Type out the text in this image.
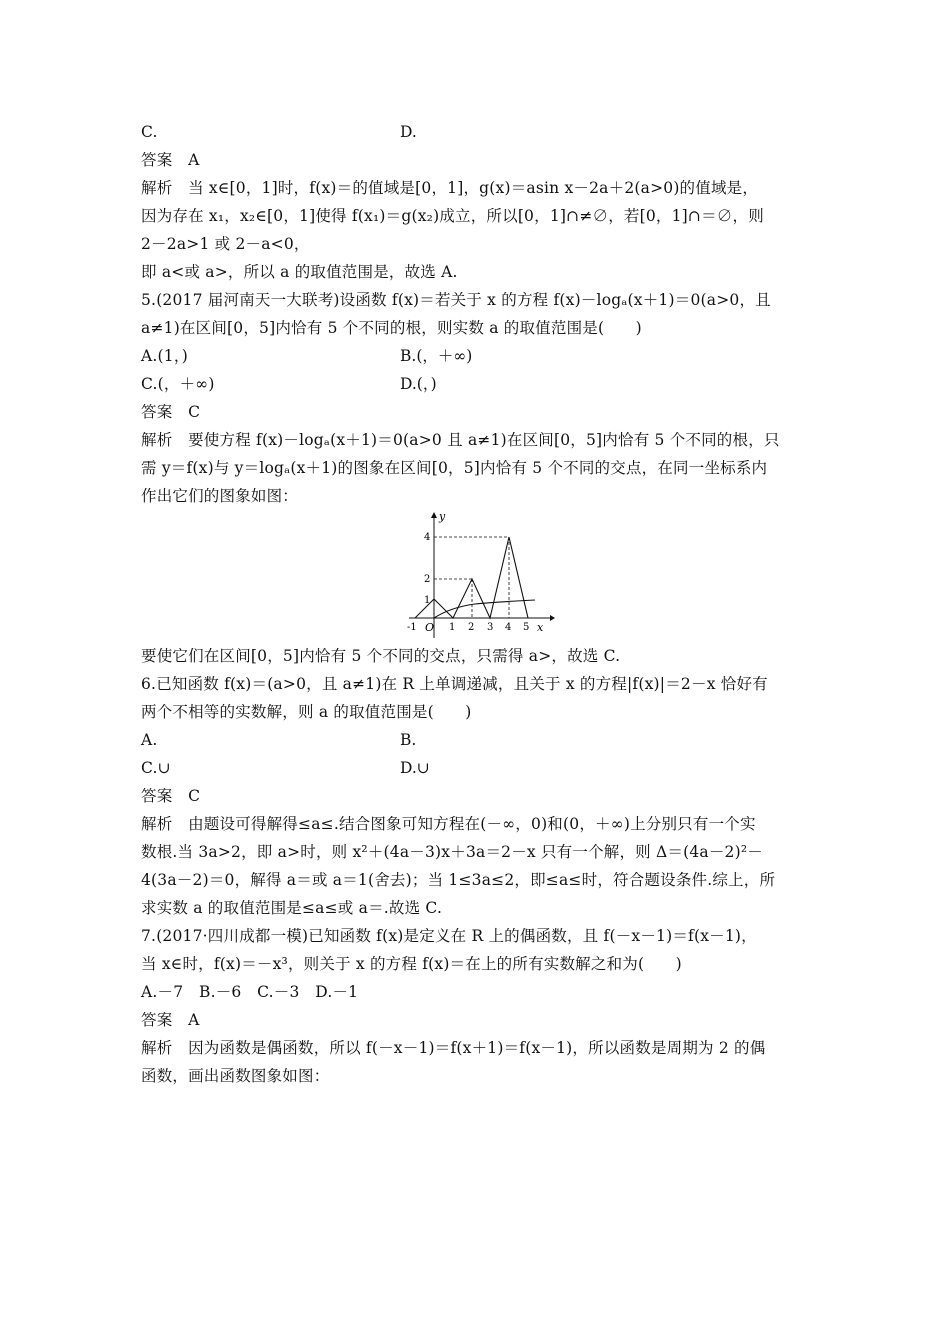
C.	D.
答案　A
解析　当 x∈[0，1]时，f(x)＝的值域是[0，1]，g(x)＝asin x－2a＋2(a>0)的值域是，
因为存在 x₁，x₂∈[0，1]使得 f(x₁)＝g(x₂)成立，所以[0，1]∩≠∅，若[0，1]∩＝∅，则
2－2a>1 或 2－a<0，
即 a<或 a>，所以 a 的取值范围是，故选 A.
5.(2017 届河南天一大联考)设函数 f(x)＝若关于 x 的方程 f(x)－logₐ(x＋1)＝0(a>0，且
a≠1)在区间[0，5]内恰有 5 个不同的根，则实数 a 的取值范围是(　　)
A.(1，)	B.(，＋∞)
C.(，＋∞)	D.(，)
答案　C
解析　要使方程 f(x)－logₐ(x＋1)＝0(a>0 且 a≠1)在区间[0，5]内恰有 5 个不同的根，只
需 y＝f(x)与 y＝logₐ(x＋1)的图象在区间[0，5]内恰有 5 个不同的交点，在同一坐标系内
作出它们的图象如图：
y
x
O
-1	1 2 3 4 5
1
2
4
要使它们在区间[0，5]内恰有 5 个不同的交点，只需得 a>，故选 C.
6.已知函数 f(x)＝(a>0，且 a≠1)在 R 上单调递减，且关于 x 的方程|f(x)|＝2－x 恰好有
两个不相等的实数解，则 a 的取值范围是(　　)
A.	B.
C.∪	D.∪
答案　C
解析　由题设可得解得≤a≤.结合图象可知方程在(－∞，0)和(0，＋∞)上分别只有一个实
数根.当 3a>2，即 a>时，则 x²＋(4a－3)x＋3a＝2－x 只有一个解，则 Δ＝(4a－2)²－
4(3a－2)＝0，解得 a＝或 a＝1(舍去)；当 1≤3a≤2，即≤a≤时，符合题设条件.综上，所
求实数 a 的取值范围是≤a≤或 a＝.故选 C.
7.(2017·四川成都一模)已知函数 f(x)是定义在 R 上的偶函数，且 f(－x－1)＝f(x－1)，
当 x∈时，f(x)＝－x³，则关于 x 的方程 f(x)＝在上的所有实数解之和为(　　)
A.－7　B.－6　C.－3　D.－1
答案　A
解析　因为函数是偶函数，所以 f(－x－1)＝f(x＋1)＝f(x－1)，所以函数是周期为 2 的偶
函数，画出函数图象如图：
